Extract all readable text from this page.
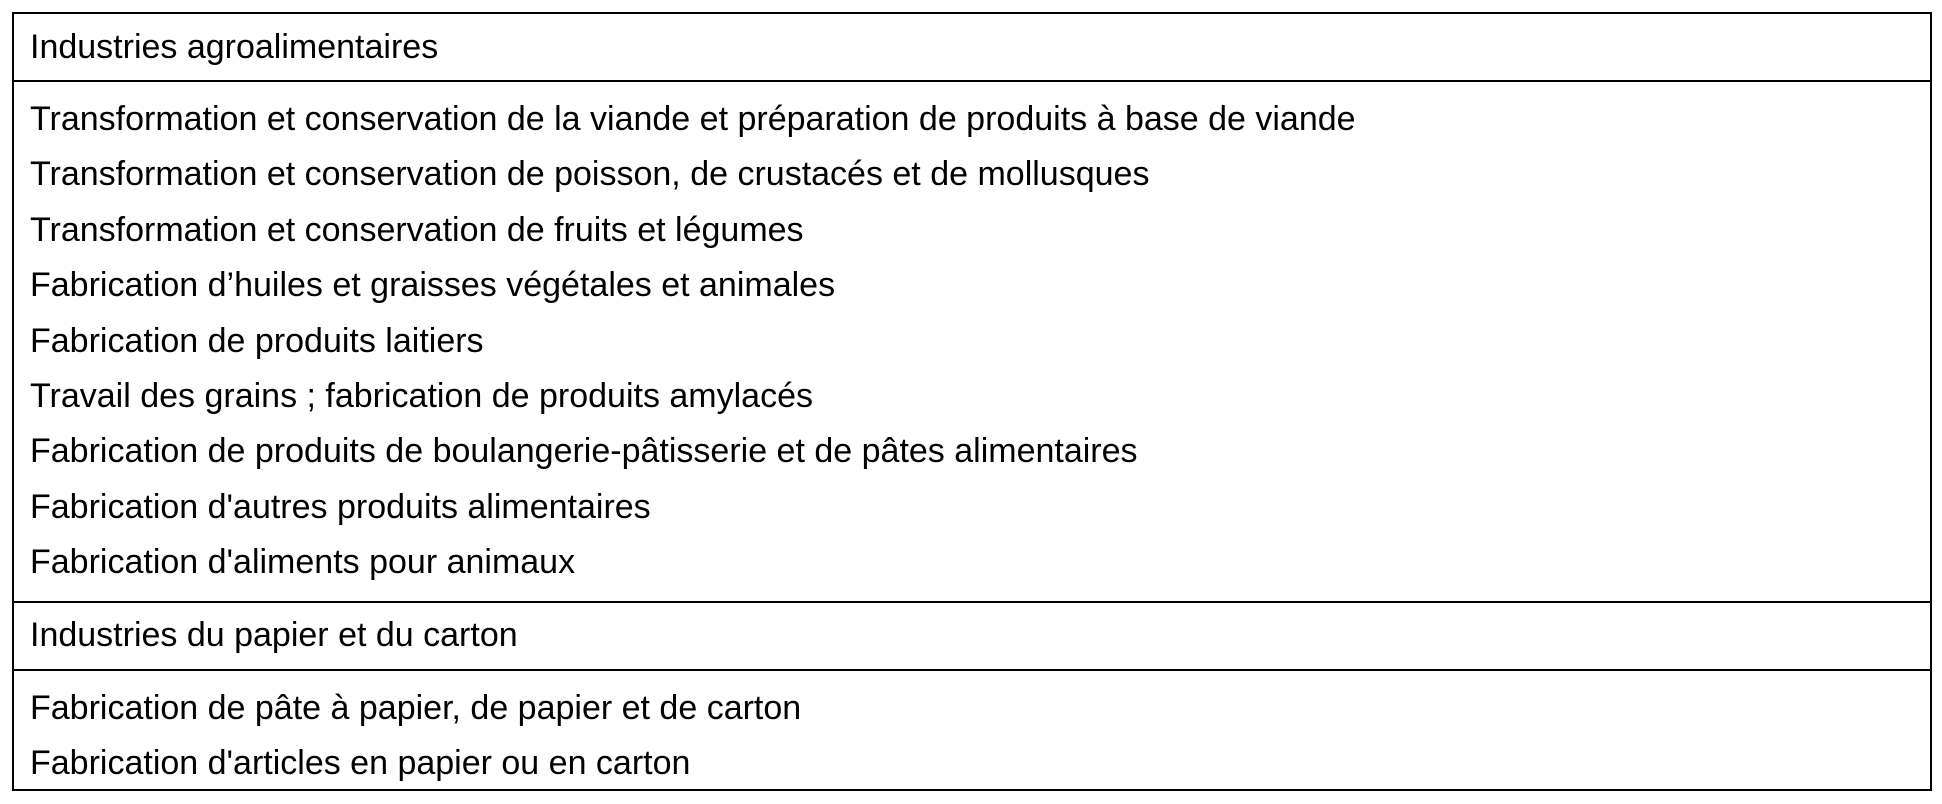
Industries agroalimentaires
Transformation et conservation de la viande et préparation de produits à base de viande
Transformation et conservation de poisson, de crustacés et de mollusques
Transformation et conservation de fruits et légumes
Fabrication d’huiles et graisses végétales et animales
Fabrication de produits laitiers
Travail des grains ; fabrication de produits amylacés
Fabrication de produits de boulangerie-pâtisserie et de pâtes alimentaires
Fabrication d'autres produits alimentaires
Fabrication d'aliments pour animaux
Industries du papier et du carton
Fabrication de pâte à papier, de papier et de carton
Fabrication d'articles en papier ou en carton
